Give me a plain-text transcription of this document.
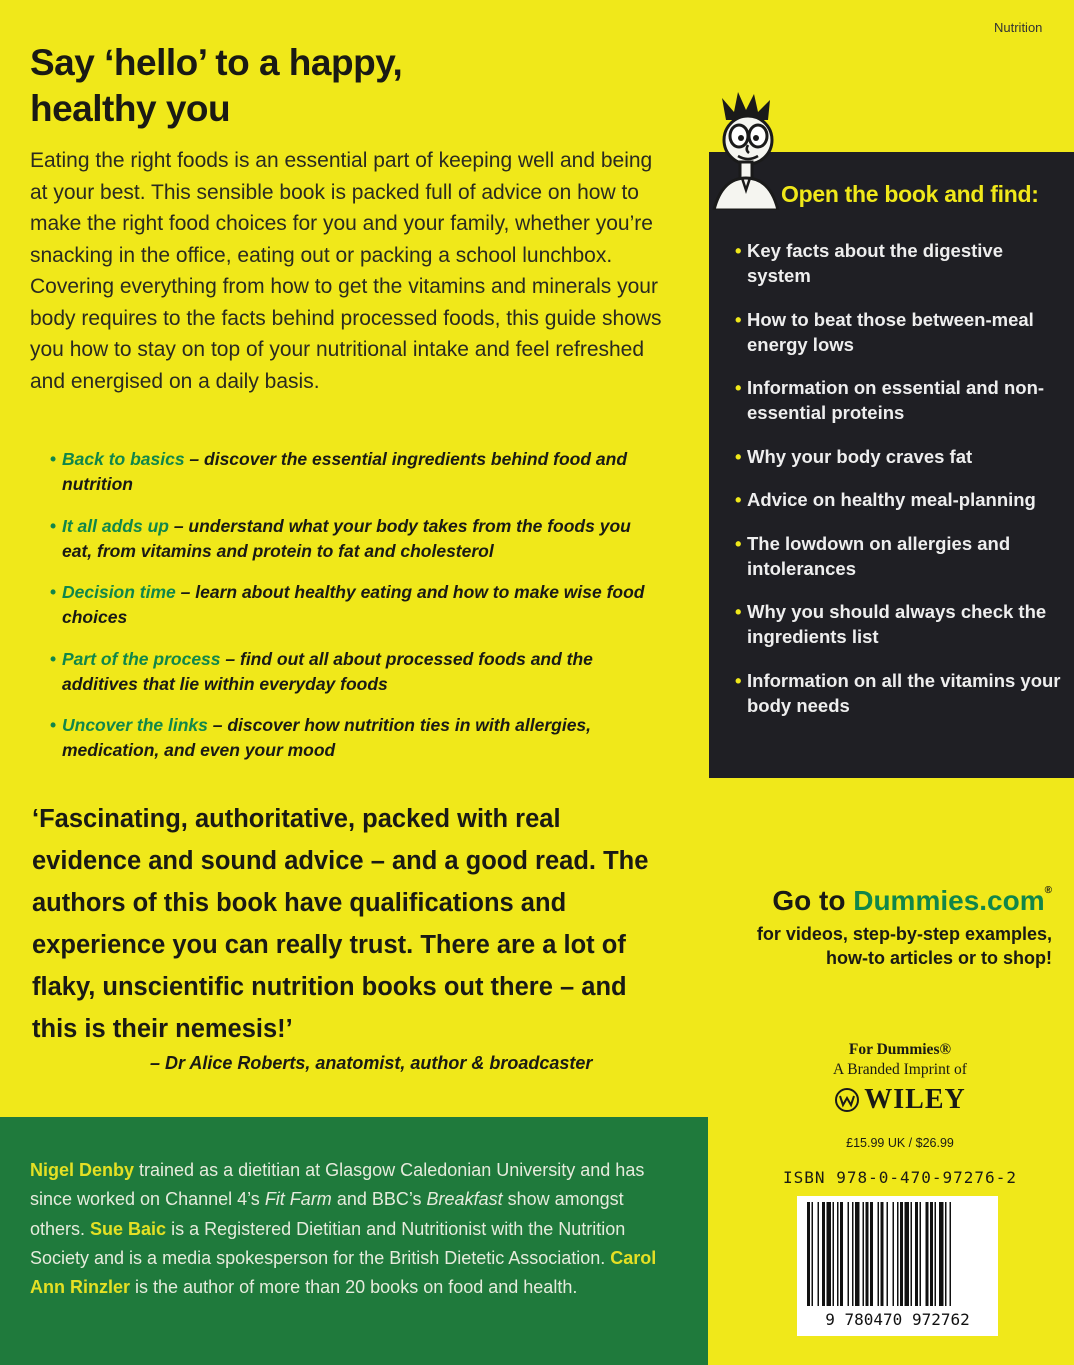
Nutrition
Say ‘hello’ to a happy,
healthy you

Eating the right foods is an essential part of keeping well and being at your best. This sensible book is packed full of advice on how to make the right food choices for you and your family, whether you’re snacking in the office, eating out or packing a school lunchbox. Covering everything from how to get the vitamins and minerals your body requires to the facts behind processed foods, this guide shows you how to stay on top of your nutritional intake and feel refreshed and energised on a daily basis.

• Back to basics – discover the essential ingredients behind food and nutrition
• It all adds up – understand what your body takes from the foods you eat, from vitamins and protein to fat and cholesterol
• Decision time – learn about healthy eating and how to make wise food choices
• Part of the process – find out all about processed foods and the additives that lie within everyday foods
• Uncover the links – discover how nutrition ties in with allergies, medication, and even your mood
‘Fascinating, authoritative, packed with real evidence and sound advice – and a good read. The authors of this book have qualifications and experience you can really trust. There are a lot of flaky, unscientific nutrition books out there – and this is their nemesis!’
– Dr Alice Roberts, anatomist, author & broadcaster

Nigel Denby trained as a dietitian at Glasgow Caledonian University and has since worked on Channel 4’s Fit Farm and BBC’s Breakfast show amongst others. Sue Baic is a Registered Dietitian and Nutritionist with the Nutrition Society and is a media spokesperson for the British Dietetic Association. Carol Ann Rinzler is the author of more than 20 books on food and health.

Open the book and find:
• Key facts about the digestive system
• How to beat those between-meal energy lows
• Information on essential and non-essential proteins
• Why your body craves fat
• Advice on healthy meal-planning
• The lowdown on allergies and intolerances
• Why you should always check the ingredients list
• Information on all the vitamins your body needs
Go to Dummies.com®
for videos, step-by-step examples,
how-to articles or to shop!
For Dummies®
A Branded Imprint of
WILEY
£15.99 UK / $26.99
ISBN 978-0-470-97276-2
9 780470 972762
